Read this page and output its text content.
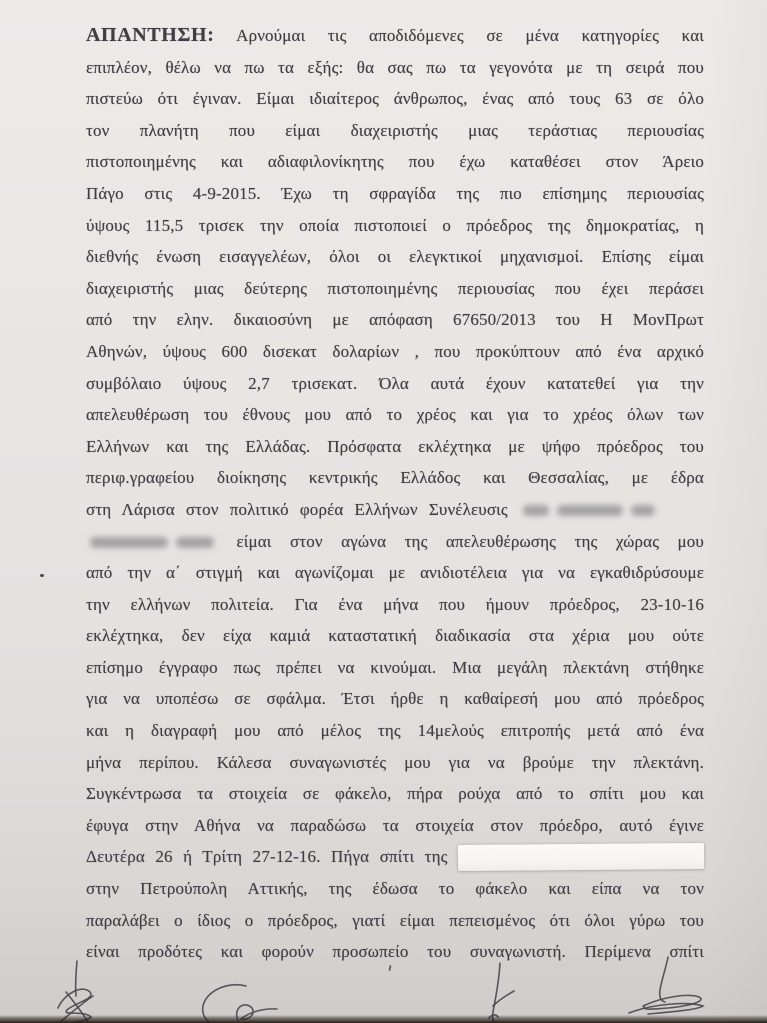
ΑΠΑΝΤΗΣΗ: Αρνούμαι τις αποδιδόμενες σε μένα κατηγορίες και
επιπλέον, θέλω να πω τα εξής: θα σας πω τα γεγονότα με τη σειρά που
πιστεύω ότι έγιναν. Είμαι ιδιαίτερος άνθρωπος, ένας από τους 63 σε όλο
τον πλανήτη που είμαι διαχειριστής μιας τεράστιας περιουσίας
πιστοποιημένης και αδιαφιλονίκητης που έχω καταθέσει στον Άρειο
Πάγο στις 4-9-2015. Έχω τη σφραγίδα της πιο επίσημης περιουσίας
ύψους 115,5 τρισεκ την οποία πιστοποιεί ο πρόεδρος της δημοκρατίας, η
διεθνής ένωση εισαγγελέων, όλοι οι ελεγκτικοί μηχανισμοί. Επίσης είμαι
διαχειριστής μιας δεύτερης πιστοποιημένης περιουσίας που έχει περάσει
από την ελην. δικαιοσύνη με απόφαση 67650/2013 του Η ΜονΠρωτ
Αθηνών, ύψους 600 δισεκατ δολαρίων , που προκύπτουν από ένα αρχικό
συμβόλαιο ύψους 2,7 τρισεκατ. Όλα αυτά έχουν κατατεθεί για την
απελευθέρωση του έθνους μου από το χρέος και για το χρέος όλων των
Ελλήνων και της Ελλάδας. Πρόσφατα εκλέχτηκα με ψήφο πρόεδρος του
περιφ.γραφείου διοίκησης κεντρικής Ελλάδος και Θεσσαλίας, με έδρα
στη Λάρισα στον πολιτικό φορέα Ελλήνων Συνέλευσις
είμαι στον αγώνα της απελευθέρωσης της χώρας μου
από την α΄ στιγμή και αγωνίζομαι με ανιδιοτέλεια για να εγκαθιδρύσουμε
την ελλήνων πολιτεία. Για ένα μήνα που ήμουν πρόεδρος, 23-10-16
εκλέχτηκα, δεν είχα καμιά καταστατική διαδικασία στα χέρια μου ούτε
επίσημο έγγραφο πως πρέπει να κινούμαι. Μια μεγάλη πλεκτάνη στήθηκε
για να υποπέσω σε σφάλμα. Έτσι ήρθε η καθαίρεσή μου από πρόεδρος
και η διαγραφή μου από μέλος της 14μελούς επιτροπής μετά από ένα
μήνα περίπου. Κάλεσα συναγωνιστές μου για να βρούμε την πλεκτάνη.
Συγκέντρωσα τα στοιχεία σε φάκελο, πήρα ρούχα από το σπίτι μου και
έφυγα στην Αθήνα να παραδώσω τα στοιχεία στον πρόεδρο, αυτό έγινε
Δευτέρα 26 ή Τρίτη 27-12-16. Πήγα σπίτι της
στην Πετρούπολη Αττικής, της έδωσα το φάκελο και είπα να τον
παραλάβει ο ίδιος ο πρόεδρος, γιατί είμαι πεπεισμένος ότι όλοι γύρω του
είναι προδότες και φορούν προσωπείο του συναγωνιστή. Περίμενα σπίτι
